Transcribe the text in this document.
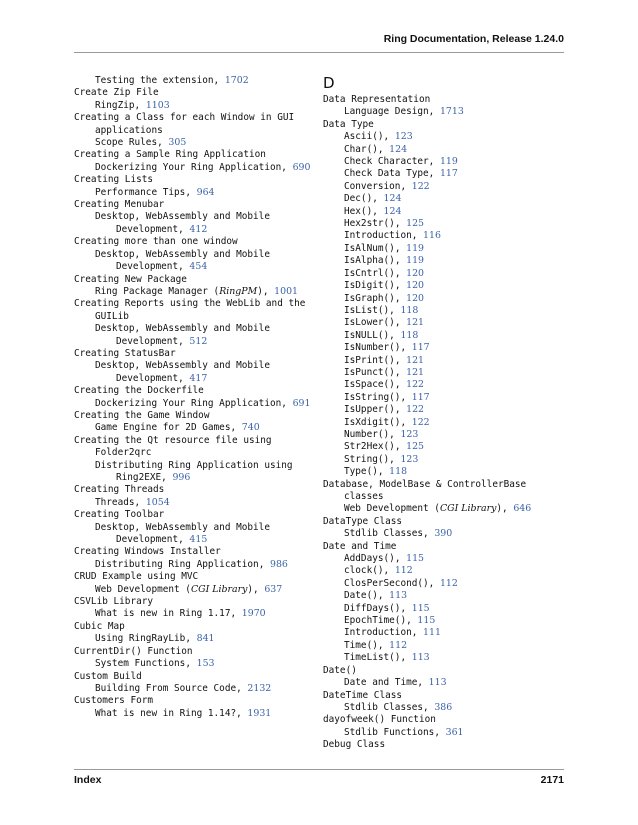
Ring Documentation, Release 1.24.0
Testing the extension, 1702
Create Zip File
RingZip, 1103
Creating a Class for each Window in GUI applications
Scope Rules, 305
Creating a Sample Ring Application
Dockerizing Your Ring Application, 690
Creating Lists
Performance Tips, 964
Creating Menubar
Desktop, WebAssembly and Mobile Development, 412
Creating more than one window
Desktop, WebAssembly and Mobile Development, 454
Creating New Package
Ring Package Manager (RingPM), 1001
Creating Reports using the WebLib and the GUILib
Desktop, WebAssembly and Mobile Development, 512
Creating StatusBar
Desktop, WebAssembly and Mobile Development, 417
Creating the Dockerfile
Dockerizing Your Ring Application, 691
Creating the Game Window
Game Engine for 2D Games, 740
Creating the Qt resource file using Folder2qrc
Distributing Ring Application using Ring2EXE, 996
Creating Threads
Threads, 1054
Creating Toolbar
Desktop, WebAssembly and Mobile Development, 415
Creating Windows Installer
Distributing Ring Application, 986
CRUD Example using MVC
Web Development (CGI Library), 637
CSVLib Library
What is new in Ring 1.17, 1970
Cubic Map
Using RingRayLib, 841
CurrentDir() Function
System Functions, 153
Custom Build
Building From Source Code, 2132
Customers Form
What is new in Ring 1.14?, 1931
D
Data Representation
Language Design, 1713
Data Type
Ascii(), 123
Char(), 124
Check Character, 119
Check Data Type, 117
Conversion, 122
Dec(), 124
Hex(), 124
Hex2str(), 125
Introduction, 116
IsAlNum(), 119
IsAlpha(), 119
IsCntrl(), 120
IsDigit(), 120
IsGraph(), 120
IsList(), 118
IsLower(), 121
IsNULL(), 118
IsNumber(), 117
IsPrint(), 121
IsPunct(), 121
IsSpace(), 122
IsString(), 117
IsUpper(), 122
IsXdigit(), 122
Number(), 123
Str2Hex(), 125
String(), 123
Type(), 118
Database, ModelBase & ControllerBase classes
Web Development (CGI Library), 646
DataType Class
Stdlib Classes, 390
Date and Time
AddDays(), 115
clock(), 112
ClosPerSecond(), 112
Date(), 113
DiffDays(), 115
EpochTime(), 115
Introduction, 111
Time(), 112
TimeList(), 113
Date()
Date and Time, 113
DateTime Class
Stdlib Classes, 386
dayofweek() Function
Stdlib Functions, 361
Debug Class
Index	2171
